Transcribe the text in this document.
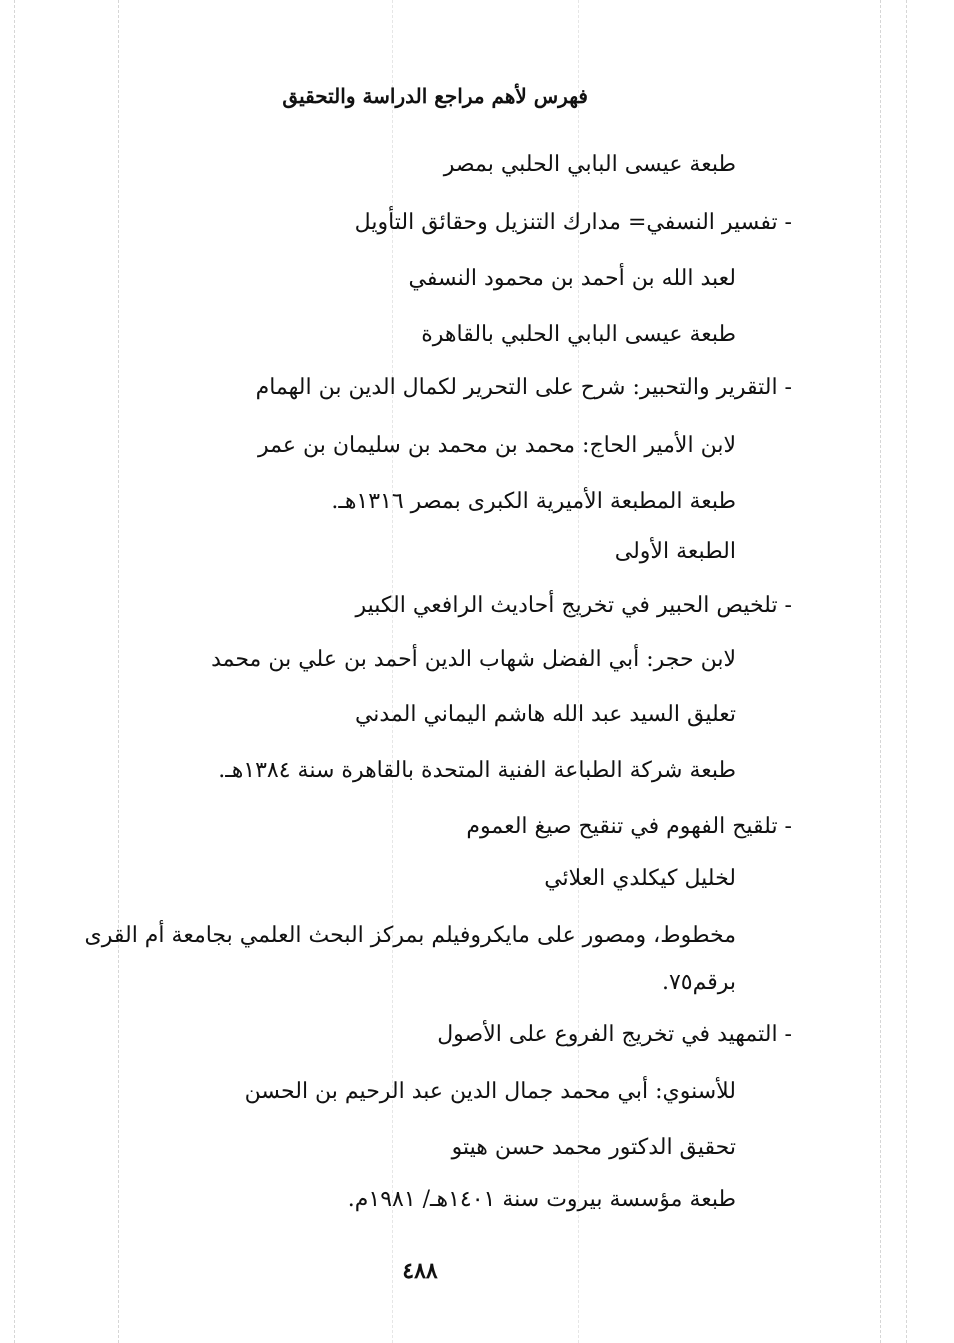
فهرس لأهم مراجع الدراسة والتحقيق
طبعة عيسى البابي الحلبي بمصر
- تفسير النسفي= مدارك التنزيل وحقائق التأويل
لعبد الله بن أحمد بن محمود النسفي
طبعة عيسى البابي الحلبي بالقاهرة
- التقرير والتحبير: شرح على التحرير لكمال الدين بن الهمام
لابن الأمير الحاج: محمد بن محمد بن سليمان بن عمر
طبعة المطبعة الأميرية الكبرى بمصر ١٣١٦هـ.
الطبعة الأولى
- تلخيص الحبير في تخريج أحاديث الرافعي الكبير
لابن حجر: أبي الفضل شهاب الدين أحمد بن علي بن محمد
تعليق السيد عبد الله هاشم اليماني المدني
طبعة شركة الطباعة الفنية المتحدة بالقاهرة سنة ١٣٨٤هـ.
- تلقيح الفهوم في تنقيح صيغ العموم
لخليل كيكلدي العلائي
مخطوط، ومصور على مايكروفيلم بمركز البحث العلمي بجامعة أم القرى
برقم٧٥.
- التمهيد في تخريج الفروع على الأصول
للأسنوي: أبي محمد جمال الدين عبد الرحيم بن الحسن
تحقيق الدكتور محمد حسن هيتو
طبعة مؤسسة بيروت سنة ١٤٠١هـ/ ١٩٨١م.
٤٨٨
